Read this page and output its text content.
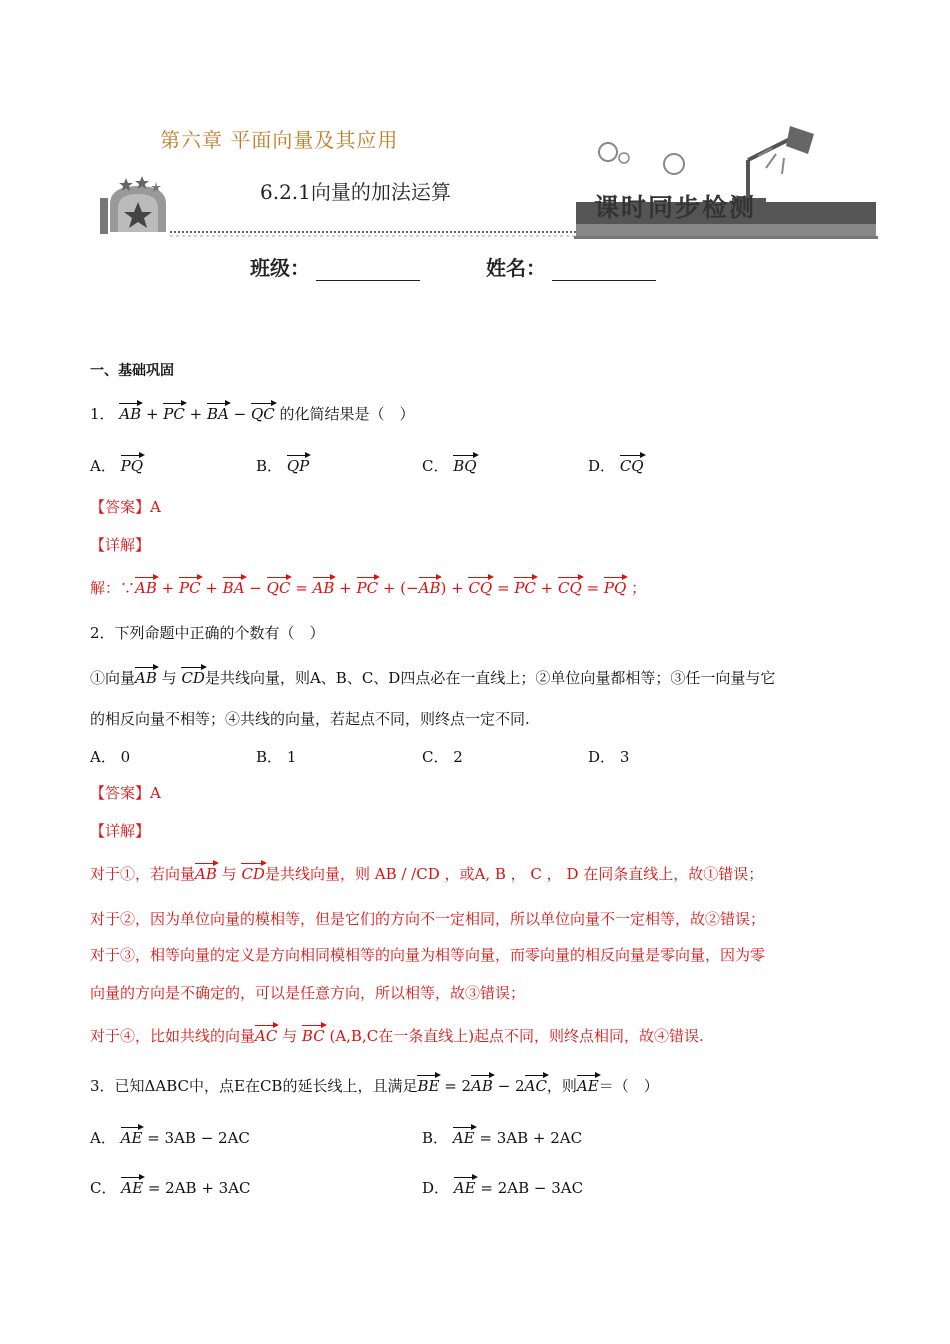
第六章 平面向量及其应用
6.2.1向量的加法运算
课时同步检测
班级：	姓名：
一、基础巩固
1． AB + PC + BA − QC 的化简结果是（　）
A． PQ	B． QP	C． BQ	D． CQ
【答案】A
【详解】
解：∵AB + PC + BA − QC = AB + PC + (−AB) + CQ = PC + CQ = PQ ；
2．下列命题中正确的个数有（　）
①向量AB 与 CD是共线向量，则A、B、C、D四点必在一直线上；②单位向量都相等；③任一向量与它
的相反向量不相等；④共线的向量，若起点不同，则终点一定不同.
A． 0	B． 1	C． 2	D． 3
【答案】A
【详解】
对于①，若向量AB 与 CD是共线向量，则 AB / /CD ，或A, B ， C ， D 在同条直线上，故①错误；
对于②，因为单位向量的模相等，但是它们的方向不一定相同，所以单位向量不一定相等，故②错误；
对于③，相等向量的定义是方向相同模相等的向量为相等向量，而零向量的相反向量是零向量，因为零
向量的方向是不确定的，可以是任意方向，所以相等，故③错误；
对于④，比如共线的向量AC 与 BC (A,B,C在一条直线上)起点不同，则终点相同，故④错误.
3．已知ΔABC中，点E在CB的延长线上，且满足BE = 2AB − 2AC，则AE＝（　）
A． AE = 3AB − 2AC	B． AE = 3AB + 2AC
C． AE = 2AB + 3AC	D． AE = 2AB − 3AC
